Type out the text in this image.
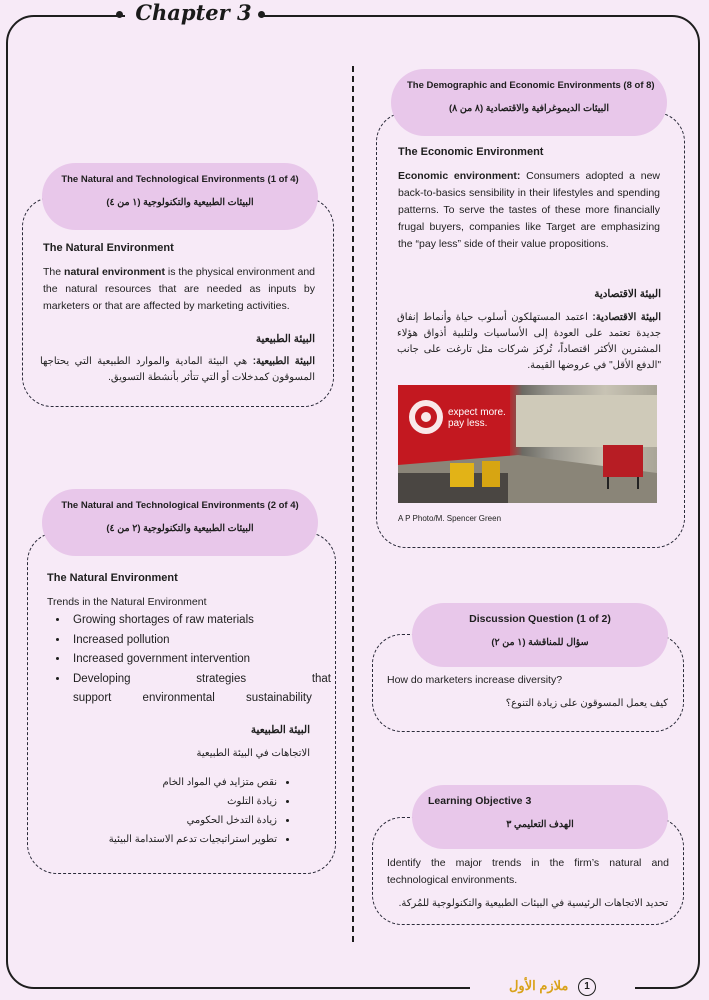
Chapter 3
The Natural and Technological Environments (1 of 4)
البيئات الطبيعية والتكنولوجية (١ من ٤)
The Natural Environment
The natural environment is the physical environment and the natural resources that are needed as inputs by marketers or that are affected by marketing activities.
البيئة الطبيعية
البيئة الطبيعية: هي البيئة المادية والموارد الطبيعية التي يحتاجها المسوقون كمدخلات أو التي تتأثر بأنشطة التسويق.
The Natural and Technological Environments (2 of 4)
البيئات الطبيعية والتكنولوجية (٢ من ٤)
The Natural Environment
Trends in the Natural Environment
• Growing shortages of raw materials
• Increased pollution
• Increased government intervention
• Developing strategies that support environmental sustainability
البيئة الطبيعية
الاتجاهات في البيئة الطبيعية
• نقص متزايد في المواد الخام
• زيادة التلوث
• زيادة التدخل الحكومي
• تطوير استراتيجيات تدعم الاستدامة البيئية
The Demographic and Economic Environments (8 of 8)
البيئات الديموغرافية والاقتصادية (٨ من ٨)
The Economic Environment
Economic environment: Consumers adopted a new back-to-basics sensibility in their lifestyles and spending patterns. To serve the tastes of these more financially frugal buyers, companies like Target are emphasizing the “pay less” side of their value propositions.
البيئة الاقتصادية
البيئة الاقتصادية: اعتمد المستهلكون أسلوب حياة وأنماط إنفاق جديدة تعتمد على العودة إلى الأساسيات ولتلبية أذواق هؤلاء المشترين الأكثر اقتصاداً، تُركز شركات مثل تارغت على جانب "الدفع الأقل" في عروضها القيمة.
expect more. pay less.
A P Photo/M. Spencer Green
Discussion Question (1 of 2)
سؤال للمناقشة (١ من ٢)
How do marketers increase diversity?
كيف يعمل المسوقون على زيادة التنوع؟
Learning Objective 3
الهدف التعليمي ٣
Identify the major trends in the firm’s natural and technological environments.
تحديد الاتجاهات الرئيسية في البيئات الطبيعية والتكنولوجية للمُركة.
ملازم الأول 1
